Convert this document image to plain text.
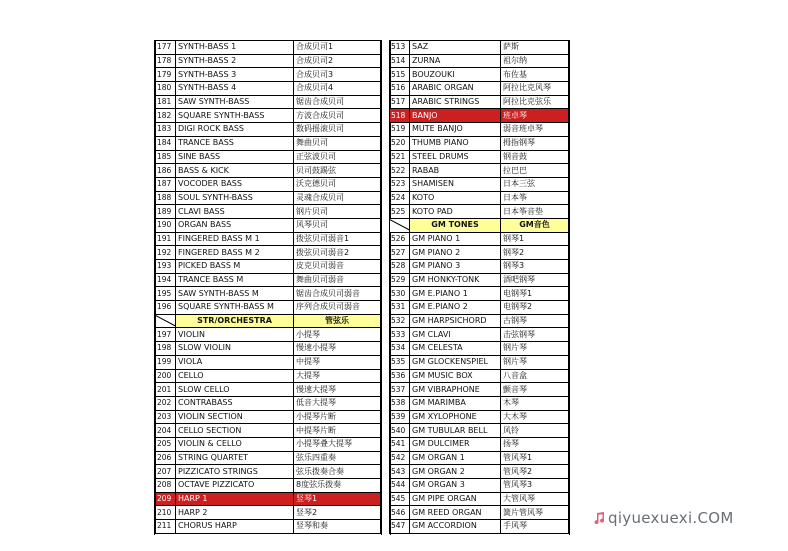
177	SYNTH-BASS 1	合成贝司1
178	SYNTH-BASS 2	合成贝司2
179	SYNTH-BASS 3	合成贝司3
180	SYNTH-BASS 4	合成贝司4
181	SAW SYNTH-BASS	锯齿合成贝司
182	SQUARE SYNTH-BASS	方波合成贝司
183	DIGI ROCK BASS	数码摇滚贝司
184	TRANCE BASS	舞曲贝司
185	SINE BASS	正弦波贝司
186	BASS & KICK	贝司鼓踢弦
187	VOCODER BASS	沃克德贝司
188	SOUL SYNTH-BASS	灵魂合成贝司
189	CLAVI BASS	钢片贝司
190	ORGAN BASS	风琴贝司
191	FINGERED BASS M 1	拨弦贝司弱音1
192	FINGERED BASS M 2	拨弦贝司弱音2
193	PICKED BASS M	皮克贝司弱音
194	TRANCE BASS M	舞曲贝司弱音
195	SAW SYNTH-BASS M	锯齿合成贝司弱音
196	SQUARE SYNTH-BASS M	序列合成贝司弱音
	STR/ORCHESTRA	管弦乐
197	VIOLIN	小提琴
198	SLOW VIOLIN	慢速小提琴
199	VIOLA	中提琴
200	CELLO	大提琴
201	SLOW CELLO	慢速大提琴
202	CONTRABASS	低音大提琴
203	VIOLIN SECTION	小提琴片断
204	CELLO SECTION	中提琴片断
205	VIOLIN & CELLO	小提琴叠大提琴
206	STRING QUARTET	弦乐四重奏
207	PIZZICATO STRINGS	弦乐拨奏合奏
208	OCTAVE PIZZICATO	8度弦乐拨奏
209	HARP 1	竖琴1
210	HARP 2	竖琴2
211	CHORUS HARP	竖琴和奏
513	SAZ	萨斯
514	ZURNA	祖尔纳
515	BOUZOUKI	布佐基
516	ARABIC ORGAN	阿拉比克风琴
517	ARABIC STRINGS	阿拉比克弦乐
518	BANJO	班卓琴
519	MUTE BANJO	弱音班卓琴
520	THUMB PIANO	拇指钢琴
521	STEEL DRUMS	钢音鼓
522	RABAB	拉巴巴
523	SHAMISEN	日本三弦
524	KOTO	日本筝
525	KOTO PAD	日本筝音垫
	GM TONES	GM音色
526	GM PIANO 1	钢琴1
527	GM PIANO 2	钢琴2
528	GM PIANO 3	钢琴3
529	GM HONKY-TONK	酒吧钢琴
530	GM E.PIANO 1	电钢琴1
531	GM E.PIANO 2	电钢琴2
532	GM HARPSICHORD	古钢琴
533	GM CLAVI	击弦钢琴
534	GM CELESTA	钢片琴
535	GM GLOCKENSPIEL	钢片琴
536	GM MUSIC BOX	八音盒
537	GM VIBRAPHONE	颤音琴
538	GM MARIMBA	木琴
539	GM XYLOPHONE	大木琴
540	GM TUBULAR BELL	风铃
541	GM DULCIMER	扬琴
542	GM ORGAN 1	管风琴1
543	GM ORGAN 2	管风琴2
544	GM ORGAN 3	管风琴3
545	GM PIPE ORGAN	大管风琴
546	GM REED ORGAN	簧片管风琴
547	GM ACCORDION	手风琴	qiyuexuexi.COM
